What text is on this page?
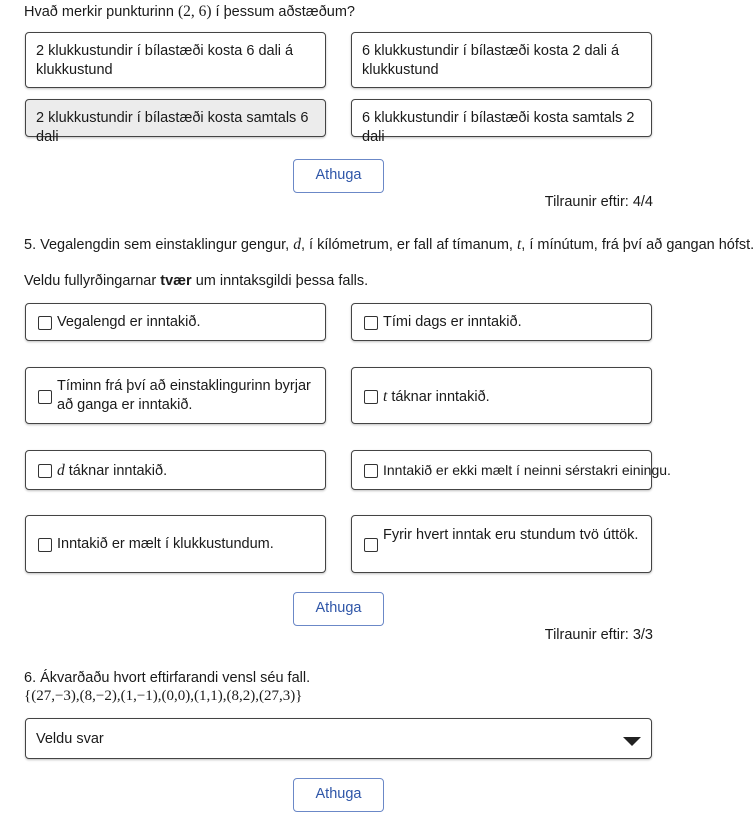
Hvað merkir punkturinn (2, 6) í þessum aðstæðum?
2 klukkustundir í bílastæði kosta 6 dali á klukkustund
6 klukkustundir í bílastæði kosta 2 dali á klukkustund
2 klukkustundir í bílastæði kosta samtals 6 dali
6 klukkustundir í bílastæði kosta samtals 2 dali
Athuga
Tilraunir eftir: 4/4
5. Vegalengdin sem einstaklingur gengur, d, í kílómetrum, er fall af tímanum, t, í mínútum, frá því að gangan hófst.
Veldu fullyrðingarnar tvær um inntaksgildi þessa falls.
Vegalengd er inntakið.	Tími dags er inntakið.
Tíminn frá því að einstaklingurinn byrjar að ganga er inntakið.	t táknar inntakið.
d táknar inntakið.	Inntakið er ekki mælt í neinni sérstakri einingu.
Inntakið er mælt í klukkustundum.
Fyrir hvert inntak eru stundum tvö úttök.
Athuga
Tilraunir eftir: 3/3
6. Ákvarðaðu hvort eftirfarandi vensl séu fall.
{(27,−3),(8,−2),(1,−1),(0,0),(1,1),(8,2),(27,3)}
Veldu svar
Athuga
